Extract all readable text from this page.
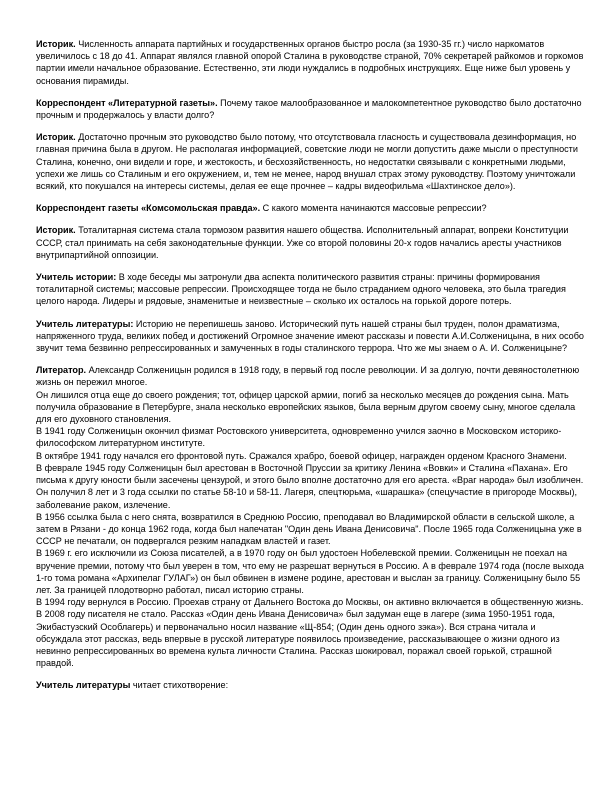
Историк. Численность аппарата партийных и государственных органов быстро росла (за 1930-35 гг.) число наркоматов увеличилось с 18 до 41. Аппарат являлся главной опорой Сталина в руководстве страной, 70% секретарей райкомов и горкомов партии имели начальное образование. Естественно, эти люди нуждались в подробных инструкциях. Еще ниже был уровень у основания пирамиды.

Корреспондент «Литературной газеты». Почему такое малообразованное и малокомпетентное руководство было достаточно прочным и продержалось у власти долго?

Историк. Достаточно прочным это руководство было потому, что отсутствовала гласность и существовала дезинформация, но главная причина была в другом. Не располагая информацией, советские люди не могли допустить даже мысли о преступности Сталина, конечно, они видели и горе, и жестокость, и бесхозяйственность, но недостатки связывали с конкретными людьми, успехи же лишь со Сталиным и его окружением, и, тем не менее, народ внушал страх этому руководству. Поэтому уничтожали всякий, кто покушался на интересы системы, делая ее еще прочнее – кадры видеофильма «Шахтинское дело»).

Корреспондент газеты «Комсомольская правда». С какого момента начинаются массовые репрессии?

Историк. Тоталитарная система стала тормозом развития нашего общества. Исполнительный аппарат, вопреки Конституции СССР, стал принимать на себя законодательные функции. Уже со второй половины 20-х годов начались аресты участников внутрипартийной оппозиции.

Учитель истории: В ходе беседы мы затронули два аспекта политического развития страны: причины формирования тоталитарной системы; массовые репрессии. Происходящее тогда не было страданием одного человека, это была трагедия целого народа. Лидеры и рядовые, знаменитые и неизвестные – сколько их осталось на горькой дороге потерь.

Учитель литературы: Историю не перепишешь заново. Исторический путь нашей страны был труден, полон драматизма, напряженного труда, великих побед и достижений Огромное значение имеют рассказы и повести А.И.Солженицына, в них особо звучит тема безвинно репрессированных и замученных в годы сталинского террора. Что же мы знаем о А. И. Солженицыне?

Литератор. Александр Солженицын родился в 1918 году, в первый год после революции. И за долгую, почти девяностолетнюю жизнь он пережил многое.
Он лишился отца еще до своего рождения; тот, офицер царской армии, погиб за несколько месяцев до рождения сына. Мать получила образование в Петербурге, знала несколько европейских языков, была верным другом своему сыну, многое сделала для его духовного становления.
В 1941 году Солженицын окончил физмат Ростовского университета, одновременно учился заочно в Московском историко-философском литературном институте.
В октябре 1941 году начался его фронтовой путь. Сражался храбро, боевой офицер, награжден орденом Красного Знамени.
В феврале 1945 году Солженицын был арестован в Восточной Пруссии за критику Ленина «Вовки» и Сталина «Пахана». Его письма к другу юности были засечены цензурой, и этого было вполне достаточно для его ареста. «Враг народа» был изобличен. Он получил 8 лет и 3 года ссылки по статье 58-10 и 58-11. Лагеря, спецтюрьма, «шарашка» (спецучастие в пригороде Москвы), заболевание раком, излечение.
В 1956 ссылка была с него снята, возвратился в Среднюю Россию, преподавал во Владимирской области в сельской школе, а затем в Рязани - до конца 1962 года, когда был напечатан "Один день Ивана Денисовича". После 1965 года Солженицына уже в СССР не печатали, он подвергался резким нападкам властей и газет.
В 1969 г. его исключили из Союза писателей, а в 1970 году он был удостоен Нобелевской премии. Солженицын не поехал на вручение премии, потому что был уверен в том, что ему не разрешат вернуться в Россию. А в феврале 1974 года (после выхода 1-го тома романа «Архипелаг ГУЛАГ») он был обвинен в измене родине, арестован и выслан за границу. Солженицыну было 55 лет. За границей плодотворно работал, писал историю страны.
В 1994 году вернулся в Россию. Проехав страну от Дальнего Востока до Москвы, он активно включается в общественную жизнь. В 2008 году писателя не стало. Рассказ «Один день Ивана Денисовича» был задуман еще в лагере (зима 1950-1951 года, Экибастузский Особлагерь) и первоначально носил название «Щ-854; (Один день одного зэка»). Вся страна читала и обсуждала этот рассказ, ведь впервые в русской литературе появилось произведение, рассказывающее о жизни одного из невинно репрессированных во времена культа личности Сталина. Рассказ шокировал, поражал своей горькой, страшной правдой.

Учитель литературы читает стихотворение:
